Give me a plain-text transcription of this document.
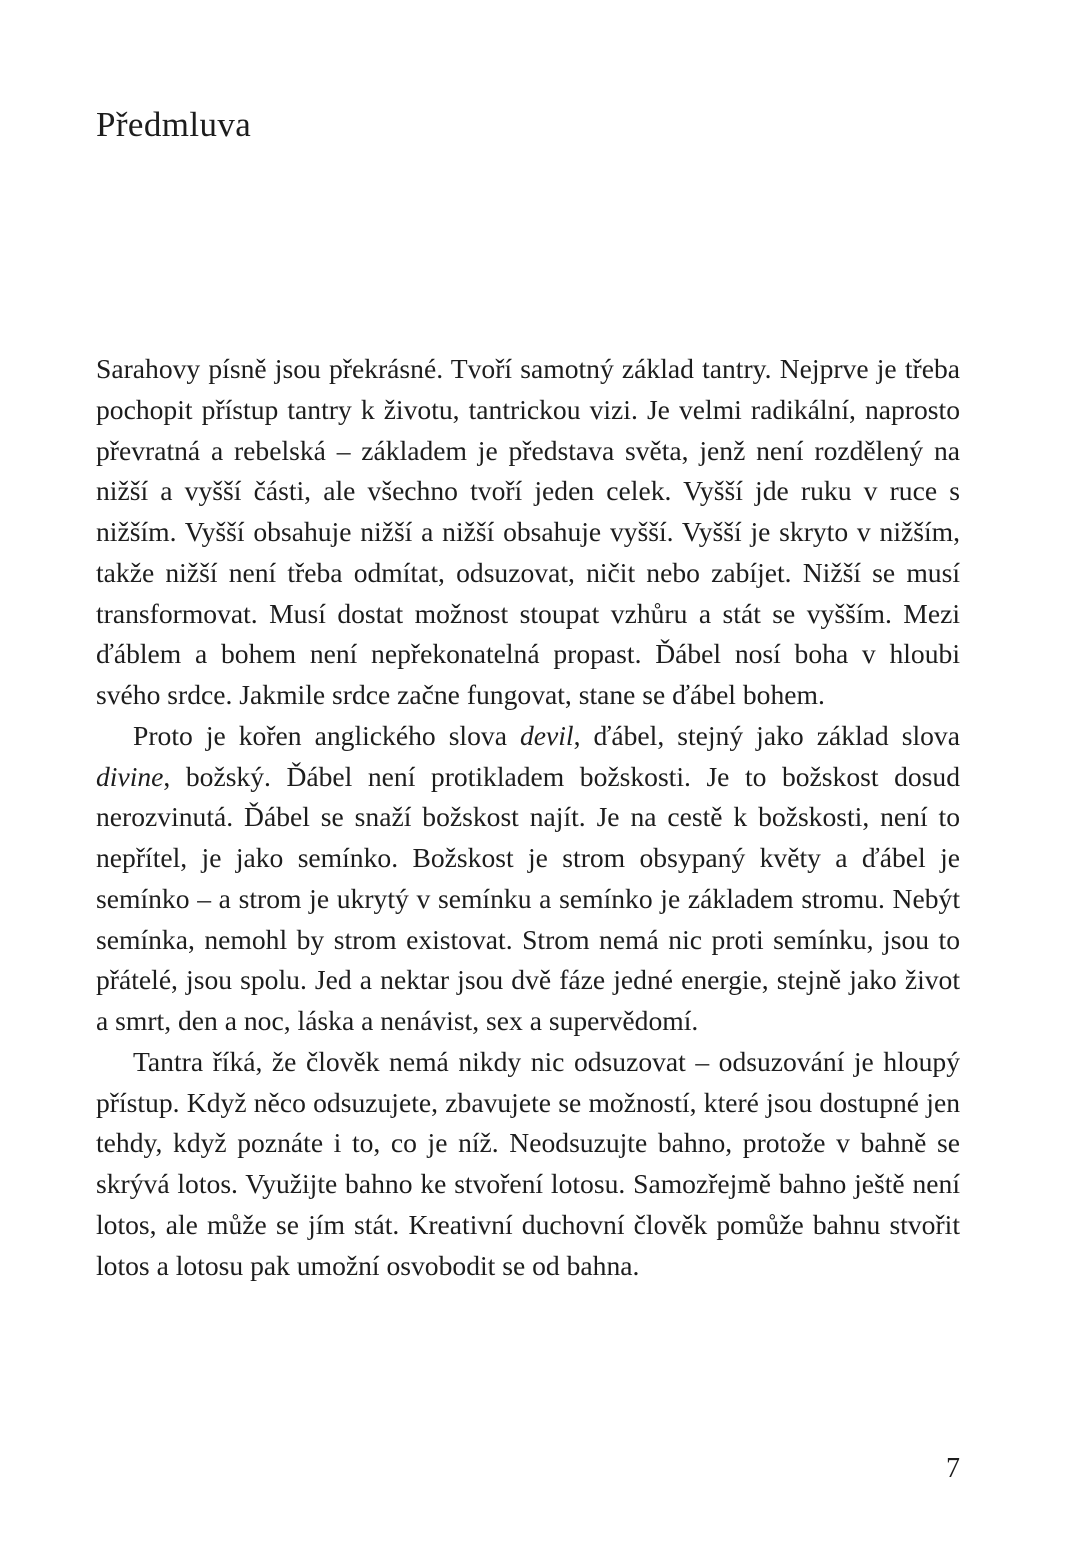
Předmluva

Sarahovy písně jsou překrásné. Tvoří samotný základ tantry. Nejprve je třeba pochopit přístup tantry k životu, tantrickou vizi. Je velmi radikální, naprosto převratná a rebelská – základem je představa světa, jenž není rozdělený na nižší a vyšší části, ale všechno tvoří jeden celek. Vyšší jde ruku v ruce s nižším. Vyšší obsahuje nižší a nižší obsahuje vyšší. Vyšší je skryto v nižším, takže nižší není třeba odmítat, odsuzovat, ničit nebo zabíjet. Nižší se musí transformovat. Musí dostat možnost stoupat vzhůru a stát se vyšším. Mezi ďáblem a bohem není nepřekonatelná propast. Ďábel nosí boha v hloubi svého srdce. Jakmile srdce začne fungovat, stane se ďábel bohem.

Proto je kořen anglického slova devil, ďábel, stejný jako základ slova divine, božský. Ďábel není protikladem božskosti. Je to božskost dosud nerozvinutá. Ďábel se snaží božskost najít. Je na cestě k božskosti, není to nepřítel, je jako semínko. Božskost je strom obsypaný květy a ďábel je semínko – a strom je ukrytý v semínku a semínko je základem stromu. Nebýt semínka, nemohl by strom existovat. Strom nemá nic proti semínku, jsou to přátelé, jsou spolu. Jed a nektar jsou dvě fáze jedné energie, stejně jako život a smrt, den a noc, láska a nenávist, sex a supervědomí.

Tantra říká, že člověk nemá nikdy nic odsuzovat – odsuzování je hloupý přístup. Když něco odsuzujete, zbavujete se možností, které jsou dostupné jen tehdy, když poznáte i to, co je níž. Neodsuzujte bahno, protože v bahně se skrývá lotos. Využijte bahno ke stvoření lotosu. Samozřejmě bahno ještě není lotos, ale může se jím stát. Kreativní duchovní člověk pomůže bahnu stvořit lotos a lotosu pak umožní osvobodit se od bahna.

7
